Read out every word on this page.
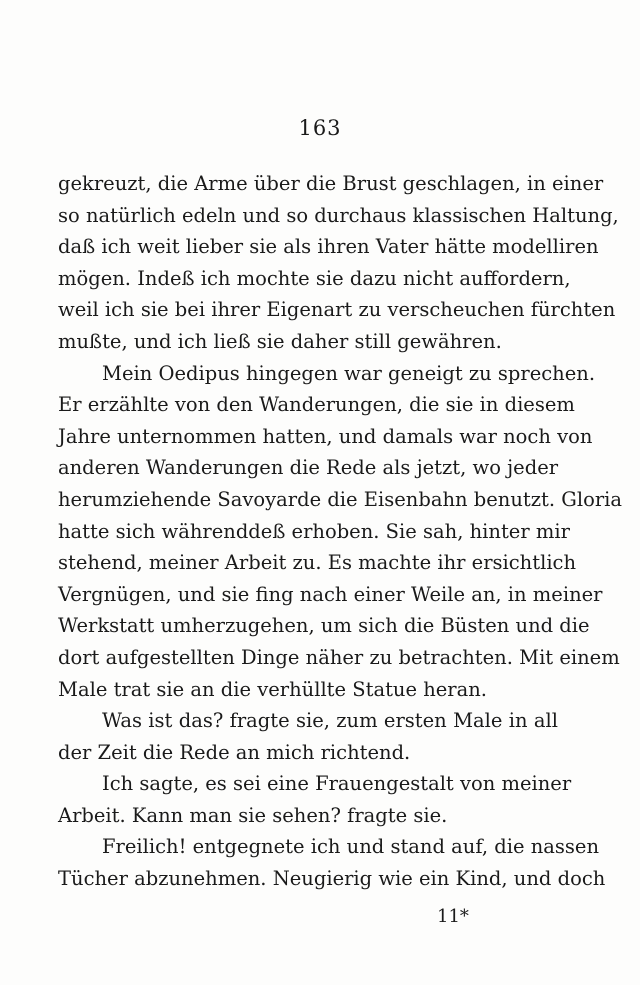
163
gekreuzt, die Arme über die Brust geschlagen, in einer
so natürlich edeln und so durchaus klassischen Haltung,
daß ich weit lieber sie als ihren Vater hätte modelliren
mögen. Indeß ich mochte sie dazu nicht auffordern,
weil ich sie bei ihrer Eigenart zu verscheuchen fürchten
mußte, und ich ließ sie daher still gewähren.
Mein Oedipus hingegen war geneigt zu sprechen.
Er erzählte von den Wanderungen, die sie in diesem
Jahre unternommen hatten, und damals war noch von
anderen Wanderungen die Rede als jetzt, wo jeder
herumziehende Savoyarde die Eisenbahn benutzt. Gloria
hatte sich währenddeß erhoben. Sie sah, hinter mir
stehend, meiner Arbeit zu. Es machte ihr ersichtlich
Vergnügen, und sie fing nach einer Weile an, in meiner
Werkstatt umherzugehen, um sich die Büsten und die
dort aufgestellten Dinge näher zu betrachten. Mit einem
Male trat sie an die verhüllte Statue heran.
Was ist das? fragte sie, zum ersten Male in all
der Zeit die Rede an mich richtend.
Ich sagte, es sei eine Frauengestalt von meiner
Arbeit. Kann man sie sehen? fragte sie.
Freilich! entgegnete ich und stand auf, die nassen
Tücher abzunehmen. Neugierig wie ein Kind, und doch
11*
